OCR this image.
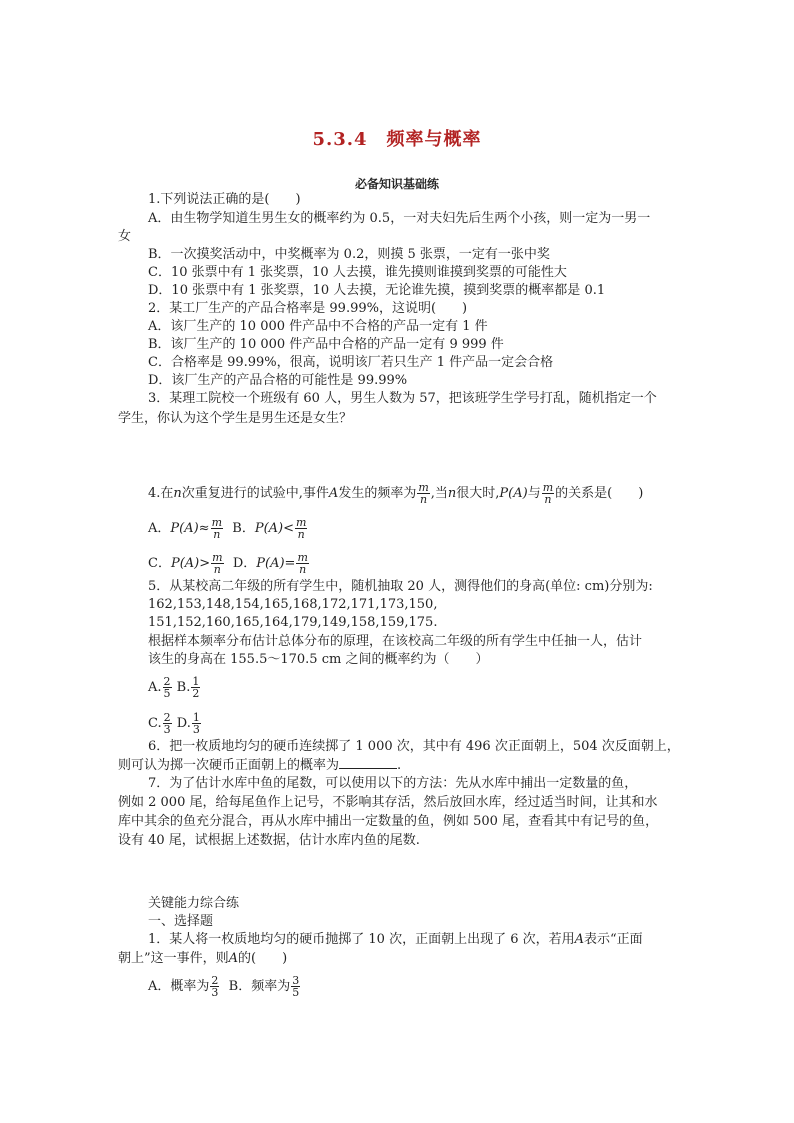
5.3.4　频率与概率
必备知识基础练
1.下列说法正确的是(　　)
A．由生物学知道生男生女的概率约为 0.5，一对夫妇先后生两个小孩，则一定为一男一
女
B．一次摸奖活动中，中奖概率为 0.2，则摸 5 张票，一定有一张中奖
C．10 张票中有 1 张奖票，10 人去摸，谁先摸则谁摸到奖票的可能性大
D．10 张票中有 1 张奖票，10 人去摸，无论谁先摸，摸到奖票的概率都是 0.1
2．某工厂生产的产品合格率是 99.99%，这说明(　　)
A．该厂生产的 10 000 件产品中不合格的产品一定有 1 件
B．该厂生产的 10 000 件产品中合格的产品一定有 9 999 件
C．合格率是 99.99%，很高，说明该厂若只生产 1 件产品一定会合格
D．该厂生产的产品合格的可能性是 99.99%
3．某理工院校一个班级有 60 人，男生人数为 57，把该班学生学号打乱，随机指定一个
学生，你认为这个学生是男生还是女生？
4.在n次重复进行的试验中,事件A发生的频率为 $\frac{m}{n}$ ,当n很大时,P(A)与 $\frac{m}{n}$ 的关系是(　　)
A．$P(A)\approx \frac{m}{n}$ B．$P(A)< \frac{m}{n}$
C．$P(A)> \frac{m}{n}$ D．$P(A)= \frac{m}{n}$
5．从某校高二年级的所有学生中，随机抽取 20 人，测得他们的身高(单位: cm)分别为:
162,153,148,154,165,168,172,171,173,150,
151,152,160,165,164,179,149,158,159,175.
根据样本频率分布估计总体分布的原理，在该校高二年级的所有学生中任抽一人，估计
该生的身高在 155.5～170.5 cm 之间的概率约为（　　）
A. $\frac{2}{5} B$. $\frac{1}{2}$
C. $\frac{2}{3} D$. $\frac{1}{3}$
6．把一枚质地均匀的硬币连续掷了 1 000 次，其中有 496 次正面朝上，504 次反面朝上，
则可认为掷一次硬币正面朝上的概率为	.
7．为了估计水库中鱼的尾数，可以使用以下的方法：先从水库中捕出一定数量的鱼，
例如 2 000 尾，给每尾鱼作上记号，不影响其存活，然后放回水库，经过适当时间，让其和水
库中其余的鱼充分混合，再从水库中捕出一定数量的鱼，例如 500 尾，查看其中有记号的鱼，
设有 40 尾，试根据上述数据，估计水库内鱼的尾数.
关键能力综合练
一、选择题
1．某人将一枚质地均匀的硬币抛掷了 10 次，正面朝上出现了 6 次，若用A表示“正面
朝上”这一事件，则A的(　　)
A．概率为 $\frac{2}{3}$ B．频率为 $\frac{3}{5}$
